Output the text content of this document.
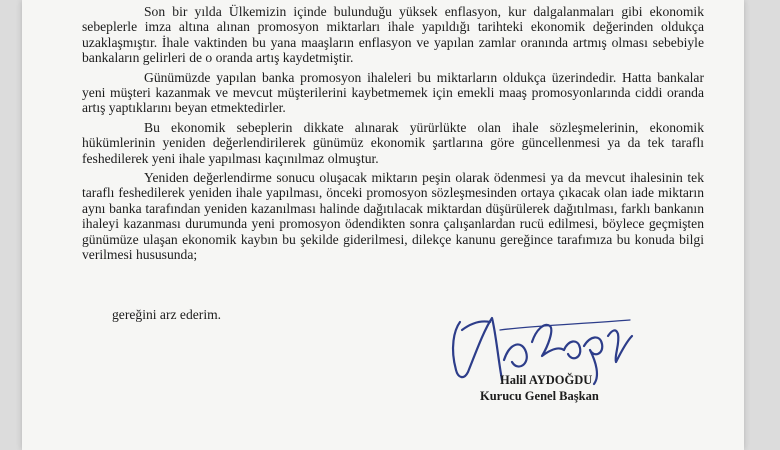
Son bir yılda Ülkemizin içinde bulunduğu yüksek enflasyon, kur dalgalanmaları gibi ekonomik sebeplerle imza altına alınan promosyon miktarları ihale yapıldığı tarihteki ekonomik değerinden oldukça uzaklaşmıştır. İhale vaktinden bu yana maaşların enflasyon ve yapılan zamlar oranında artmış olması sebebiyle bankaların gelirleri de o oranda artış kaydetmiştir.

Günümüzde yapılan banka promosyon ihaleleri bu miktarların oldukça üzerindedir. Hatta bankalar yeni müşteri kazanmak ve mevcut müşterilerini kaybetmemek için emekli maaş promosyonlarında ciddi oranda artış yaptıklarını beyan etmektedirler.

Bu ekonomik sebeplerin dikkate alınarak yürürlükte olan ihale sözleşmelerinin, ekonomik hükümlerinin yeniden değerlendirilerek günümüz ekonomik şartlarına göre güncellenmesi ya da tek taraflı feshedilerek yeni ihale yapılması kaçınılmaz olmuştur.

Yeniden değerlendirme sonucu oluşacak miktarın peşin olarak ödenmesi ya da mevcut ihalesinin tek taraflı feshedilerek yeniden ihale yapılması, önceki promosyon sözleşmesinden ortaya çıkacak olan iade miktarın aynı banka tarafından yeniden kazanılması halinde dağıtılacak miktardan düşürülerek dağıtılması, farklı bankanın ihaleyi kazanması durumunda yeni promosyon ödendikten sonra çalışanlardan rucü edilmesi, böylece geçmişten günümüze ulaşan ekonomik kaybın bu şekilde giderilmesi, dilekçe kanunu gereğince tarafımıza bu konuda bilgi verilmesi hususunda;

gereğini arz ederim.

Halil AYDOĞDU
Kurucu Genel Başkan
